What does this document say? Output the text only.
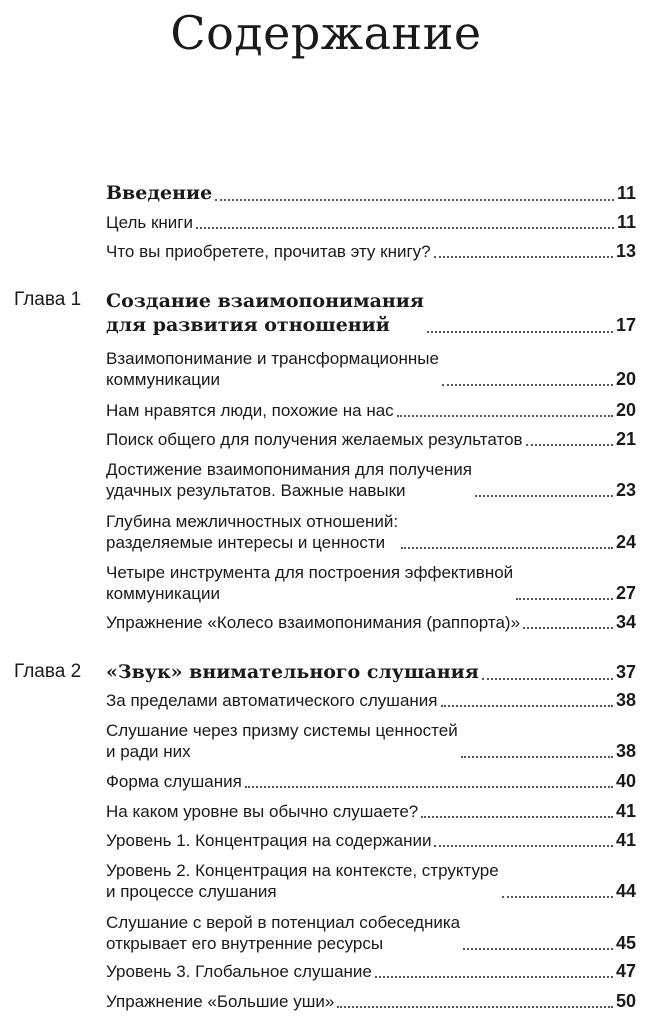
Содержание
Введение	11
Цель книги	11
Что вы приобретете, прочитав эту книгу?	13
Глава 1 Создание взаимопонимания
для развития отношений	17
Взаимопонимание и трансформационные
коммуникации	20
Нам нравятся люди, похожие на нас	20
Поиск общего для получения желаемых результатов	21
Достижение взаимопонимания для получения
удачных результатов. Важные навыки	23
Глубина межличностных отношений:
разделяемые интересы и ценности	24
Четыре инструмента для построения эффективной
коммуникации	27
Упражнение «Колесо взаимопонимания (раппорта)»	34
Глава 2 «Звук» внимательного слушания	37
За пределами автоматического слушания	38
Слушание через призму системы ценностей
и ради них	38
Форма слушания	40
На каком уровне вы обычно слушаете?	41
Уровень 1. Концентрация на содержании	41
Уровень 2. Концентрация на контексте, структуре
и процессе слушания	44
Слушание с верой в потенциал собеседника
открывает его внутренние ресурсы	45
Уровень 3. Глобальное слушание	47
Упражнение «Большие уши»	50
